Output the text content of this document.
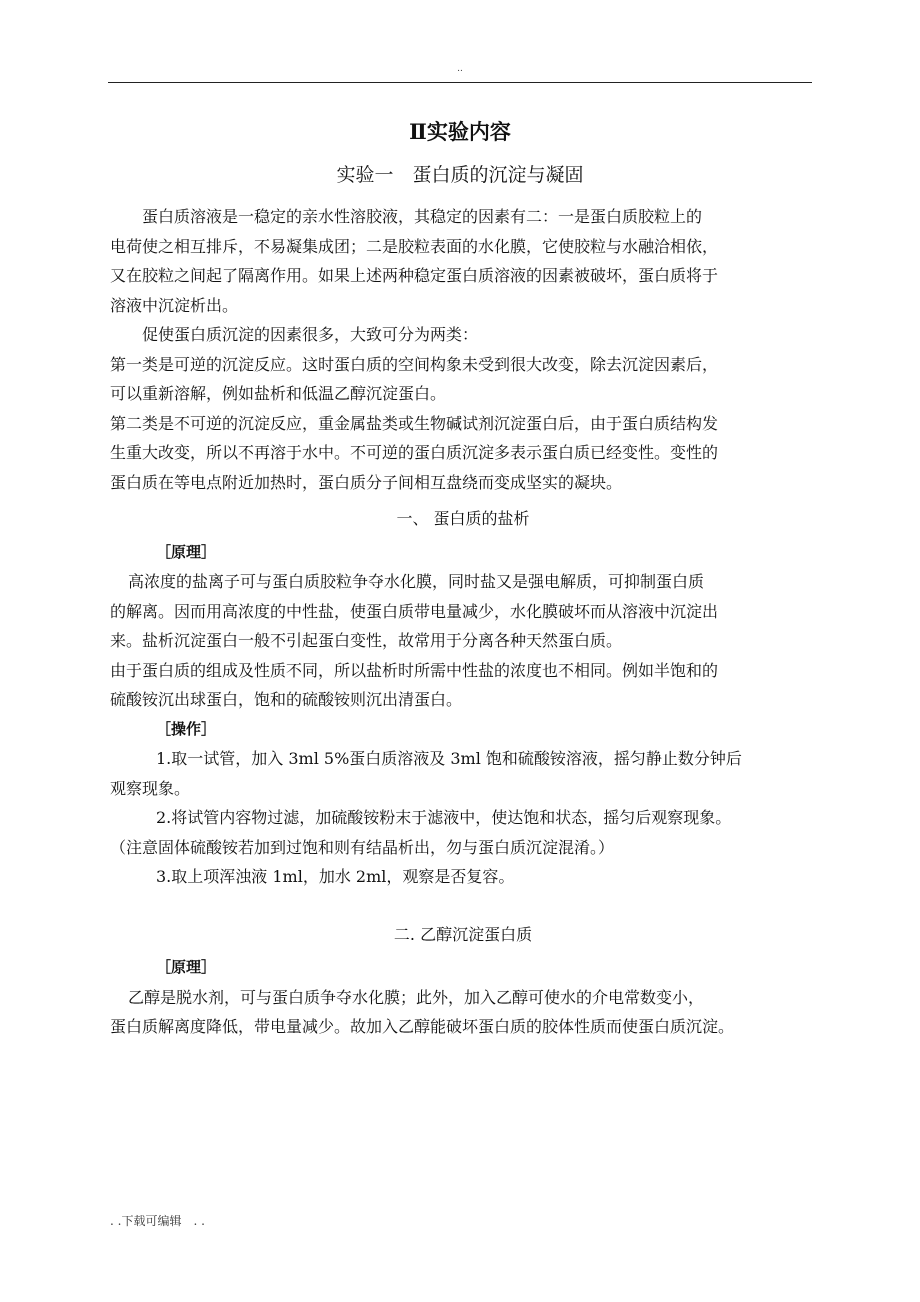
..
Ⅱ实验内容
实验一　蛋白质的沉淀与凝固

蛋白质溶液是一稳定的亲水性溶胶液，其稳定的因素有二：一是蛋白质胶粒上的

电荷使之相互排斥，不易凝集成团；二是胶粒表面的水化膜，它使胶粒与水融洽相依，

又在胶粒之间起了隔离作用。如果上述两种稳定蛋白质溶液的因素被破坏，蛋白质将于

溶液中沉淀析出。

促使蛋白质沉淀的因素很多，大致可分为两类：

第一类是可逆的沉淀反应。这时蛋白质的空间构象未受到很大改变，除去沉淀因素后，

可以重新溶解，例如盐析和低温乙醇沉淀蛋白。

第二类是不可逆的沉淀反应，重金属盐类或生物碱试剂沉淀蛋白后，由于蛋白质结构发

生重大改变，所以不再溶于水中。不可逆的蛋白质沉淀多表示蛋白质已经变性。变性的

蛋白质在等电点附近加热时，蛋白质分子间相互盘绕而变成坚实的凝块。

一、 蛋白质的盐析

［原理］

高浓度的盐离子可与蛋白质胶粒争夺水化膜，同时盐又是强电解质，可抑制蛋白质

的解离。因而用高浓度的中性盐，使蛋白质带电量减少，水化膜破坏而从溶液中沉淀出

来。盐析沉淀蛋白一般不引起蛋白变性，故常用于分离各种天然蛋白质。

由于蛋白质的组成及性质不同，所以盐析时所需中性盐的浓度也不相同。例如半饱和的

硫酸铵沉出球蛋白，饱和的硫酸铵则沉出清蛋白。

［操作］

1.取一试管，加入 3ml 5%蛋白质溶液及 3ml 饱和硫酸铵溶液，摇匀静止数分钟后

观察现象。

2.将试管内容物过滤，加硫酸铵粉末于滤液中，使达饱和状态，摇匀后观察现象。

（注意固体硫酸铵若加到过饱和则有结晶析出，勿与蛋白质沉淀混淆。）

3.取上项浑浊液 1ml，加水 2ml，观察是否复容。

二. 乙醇沉淀蛋白质

［原理］

乙醇是脱水剂，可与蛋白质争夺水化膜；此外，加入乙醇可使水的介电常数变小，

蛋白质解离度降低，带电量减少。故加入乙醇能破坏蛋白质的胶体性质而使蛋白质沉淀。

. .下载可编辑　. .
